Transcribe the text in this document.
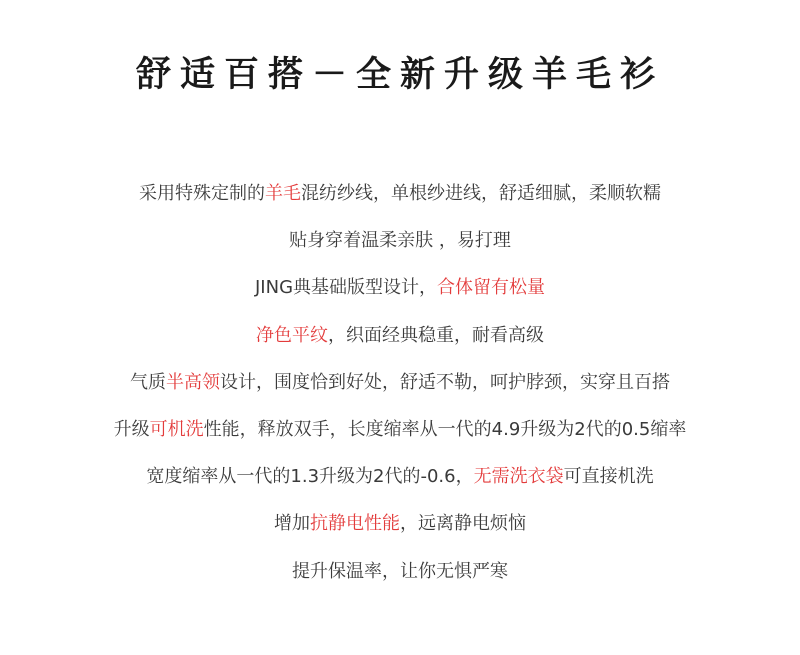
舒适百搭－全新升级羊毛衫
采用特殊定制的羊毛混纺纱线，单根纱进线，舒适细腻，柔顺软糯
贴身穿着温柔亲肤 ，易打理
JING典基础版型设计，合体留有松量
净色平纹，织面经典稳重，耐看高级
气质半高领设计，围度恰到好处，舒适不勒，呵护脖颈，实穿且百搭
升级可机洗性能，释放双手，长度缩率从一代的4.9升级为2代的0.5缩率
宽度缩率从一代的1.3升级为2代的-0.6，无需洗衣袋可直接机洗
增加抗静电性能，远离静电烦恼
提升保温率，让你无惧严寒
